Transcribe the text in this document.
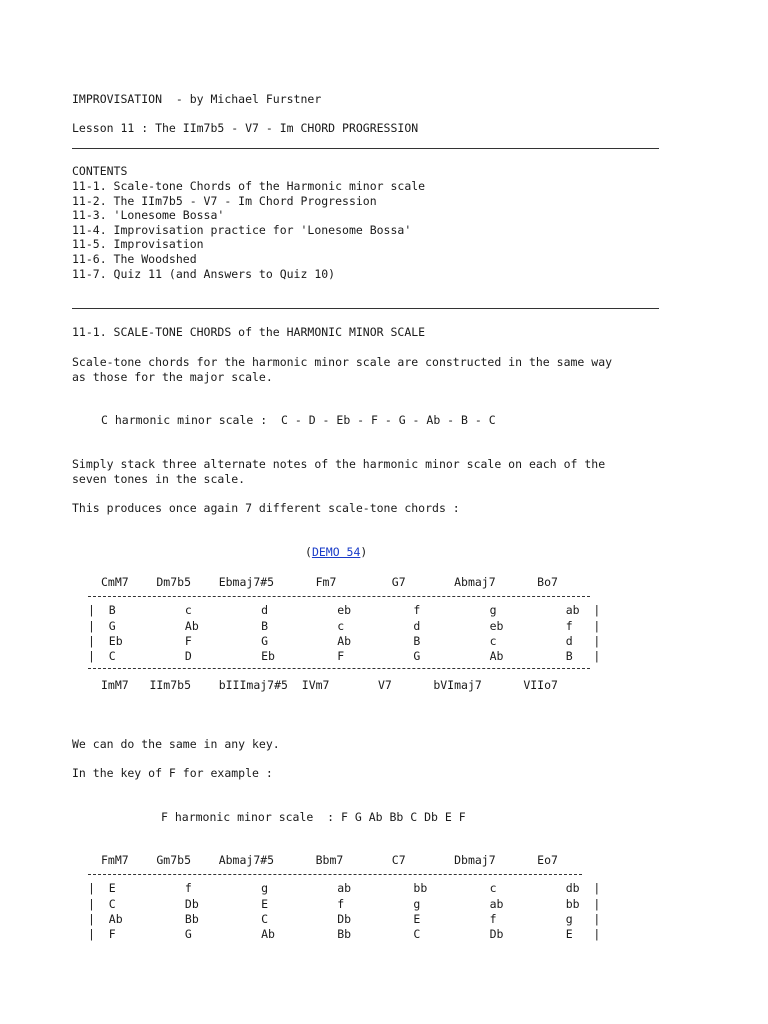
IMPROVISATION  - by Michael Furstner
Lesson 11 : The IIm7b5 - V7 - Im CHORD PROGRESSION
CONTENTS
11-1. Scale-tone Chords of the Harmonic minor scale
11-2. The IIm7b5 - V7 - Im Chord Progression
11-3. 'Lonesome Bossa'
11-4. Improvisation practice for 'Lonesome Bossa'
11-5. Improvisation
11-6. The Woodshed
11-7. Quiz 11 (and Answers to Quiz 10)
11-1. SCALE-TONE CHORDS of the HARMONIC MINOR SCALE
Scale-tone chords for the harmonic minor scale are constructed in the same way
as those for the major scale.
C harmonic minor scale :  C - D - Eb - F - G - Ab - B - C
Simply stack three alternate notes of the harmonic minor scale on each of the
seven tones in the scale.
This produces once again 7 different scale-tone chords :
(DEMO 54)
CmM7    Dm7b5    Ebmaj7#5      Fm7        G7       Abmaj7      Bo7
|  B          c          d          eb         f          g          ab  |
|  G          Ab         B          c          d          eb         f   |
|  Eb         F          G          Ab         B          c          d   |
|  C          D          Eb         F          G          Ab         B   |
ImM7   IIm7b5    bIIImaj7#5  IVm7       V7      bVImaj7      VIIo7
We can do the same in any key.
In the key of F for example :
F harmonic minor scale  : F G Ab Bb C Db E F
FmM7    Gm7b5    Abmaj7#5      Bbm7       C7       Dbmaj7      Eo7
|  E          f          g          ab         bb         c          db  |
|  C          Db         E          f          g          ab         bb  |
|  Ab         Bb         C          Db         E          f          g   |
|  F          G          Ab         Bb         C          Db         E   |
